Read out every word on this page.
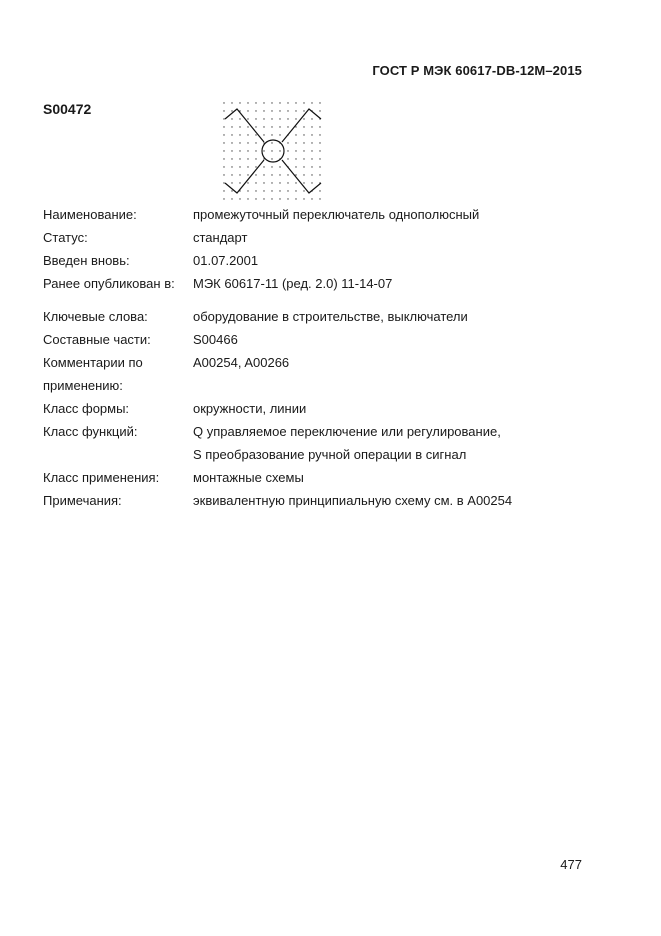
ГОСТ Р МЭК 60617-DB-12M–2015
S00472
Наименование:	промежуточный переключатель однополюсный
Статус:	стандарт
Введен вновь:	01.07.2001
Ранее опубликован в:	МЭК 60617-11 (ред. 2.0) 11-14-07
Ключевые слова:	оборудование в строительстве, выключатели
Составные части:	S00466
Комментарии по	A00254, A00266
применению:
Класс формы:	окружности, линии
Класс функций:	Q управляемое переключение или регулирование,
S преобразование ручной операции в сигнал
Класс применения:	монтажные схемы
Примечания:	эквивалентную принципиальную схему см. в A00254
477
